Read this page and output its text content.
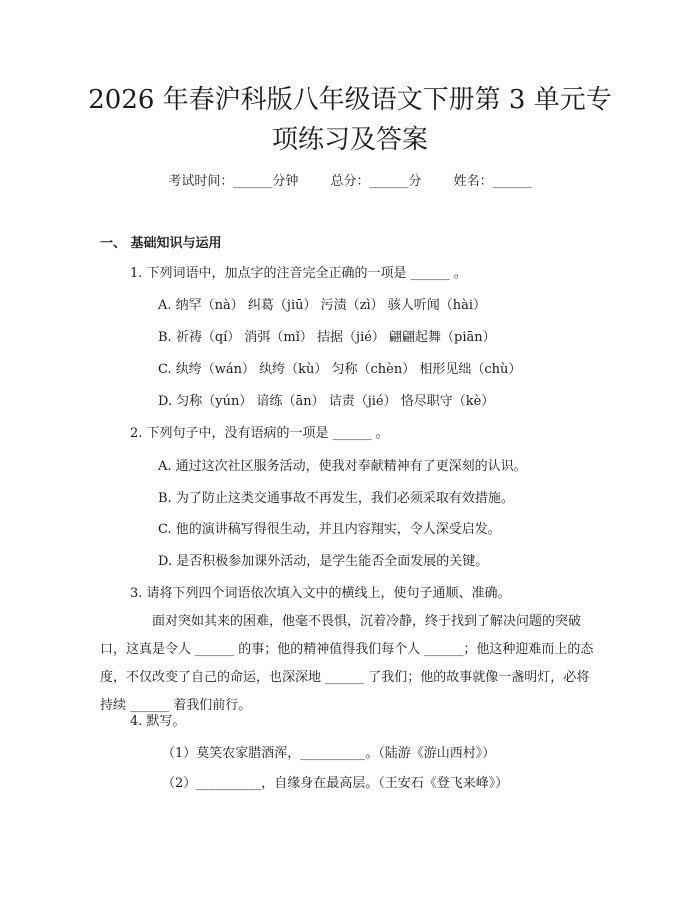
2026 年春沪科版八年级语文下册第 3 单元专
项练习及答案
考试时间：______分钟 总分：______分 姓名：______
一、 基础知识与运用
1. 下列词语中，加点字的注音完全正确的一项是 ______ 。
A. 纳罕（nà） 纠葛（jiū） 污渍（zì） 骇人听闻（hài）
B. 祈祷（qí） 消弭（mǐ） 拮据（jié） 翩翩起舞（piān）
C. 纨绔（wán） 纨绔（kù） 匀称（chèn） 相形见绌（chù）
D. 匀称（yún） 谙练（ān） 诘责（jié） 恪尽职守（kè）
2. 下列句子中，没有语病的一项是 ______ 。
A. 通过这次社区服务活动，使我对奉献精神有了更深刻的认识。
B. 为了防止这类交通事故不再发生，我们必须采取有效措施。
C. 他的演讲稿写得很生动，并且内容翔实，令人深受启发。
D. 是否积极参加课外活动，是学生能否全面发展的关键。
3. 请将下列四个词语依次填入文中的横线上，使句子通顺、准确。
面对突如其来的困难，他毫不畏惧，沉着冷静，终于找到了解决问题的突破口，这真是令人 ______ 的事；他的精神值得我们每个人 ______；他这种迎难而上的态度，不仅改变了自己的命运，也深深地 ______ 了我们；他的故事就像一盏明灯，必将持续 ______ 着我们前行。
4. 默写。
（1）莫笑农家腊酒浑，__________。（陆游《游山西村》）
（2）__________，自缘身在最高层。（王安石《登飞来峰》）
